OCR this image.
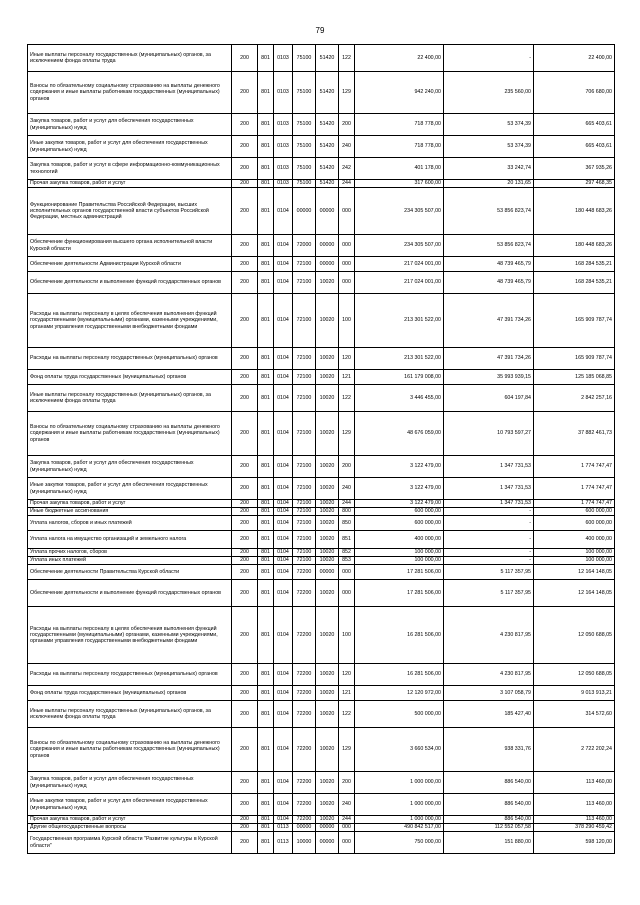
79
Иные выплаты персоналу государственных (муниципальных) органов, за исключением фонда оплаты труда	200	801	0103	75100	51420	122	22 400,00	-	22 400,00
Взносы по обязательному социальному страхованию на выплаты денежного содержания и иные выплаты работникам государственных (муниципальных) органов	200	801	0103	75100	51420	129	942 240,00	235 560,00	706 680,00
Закупка товаров, работ и услуг для обеспечения государственных (муниципальных) нужд	200	801	0103	75100	51420	200	718 778,00	53 374,39	665 403,61
Иные закупки товаров, работ и услуг для обеспечения государственных (муниципальных) нужд	200	801	0103	75100	51420	240	718 778,00	53 374,39	665 403,61
Закупка товаров, работ и услуг в сфере информационно-коммуникационных технологий	200	801	0103	75100	51420	242	401 178,00	33 242,74	367 935,26
Прочая закупка товаров, работ и услуг	200	801	0103	75100	51420	244	317 600,00	20 131,65	297 468,35
Функционирование Правительства Российской Федерации, высших исполнительных органов государственной власти субъектов Российской Федерации, местных администраций	200	801	0104	00000	00000	000	234 305 507,00	53 856 823,74	180 448 683,26
Обеспечение функционирования высшего органа исполнительной власти Курской области	200	801	0104	72000	00000	000	234 305 507,00	53 856 823,74	180 448 683,26
Обеспечение деятельности Администрации Курской области	200	801	0104	72100	00000	000	217 024 001,00	48 739 465,79	168 284 535,21
Обеспечение деятельности и выполнение функций государственных органов	200	801	0104	72100	10020	000	217 024 001,00	48 739 465,79	168 284 535,21
Расходы на выплаты персоналу в целях обеспечения выполнения функций государственными (муниципальными) органами, казенными учреждениями, органами управления государственными внебюджетными фондами	200	801	0104	72100	10020	100	213 301 522,00	47 391 734,26	165 909 787,74
Расходы на выплаты персоналу государственных (муниципальных) органов	200	801	0104	72100	10020	120	213 301 522,00	47 391 734,26	165 909 787,74
Фонд оплаты труда государственных (муниципальных) органов	200	801	0104	72100	10020	121	161 179 008,00	35 993 939,15	125 185 068,85
Иные выплаты персоналу государственных (муниципальных) органов, за исключением фонда оплаты труда	200	801	0104	72100	10020	122	3 446 455,00	604 197,84	2 842 257,16
Взносы по обязательному социальному страхованию на выплаты денежного содержания и иные выплаты работникам государственных (муниципальных) органов	200	801	0104	72100	10020	129	48 676 059,00	10 793 597,27	37 882 461,73
Закупка товаров, работ и услуг для обеспечения государственных (муниципальных) нужд	200	801	0104	72100	10020	200	3 122 479,00	1 347 731,53	1 774 747,47
Иные закупки товаров, работ и услуг для обеспечения государственных (муниципальных) нужд	200	801	0104	72100	10020	240	3 122 479,00	1 347 731,53	1 774 747,47
Прочая закупка товаров, работ и услуг	200	801	0104	72100	10020	244	3 122 479,00	1 347 731,53	1 774 747,47
Иные бюджетные ассигнования	200	801	0104	72100	10020	800	600 000,00	-	600 000,00
Уплата налогов, сборов и иных платежей	200	801	0104	72100	10020	850	600 000,00	-	600 000,00
Уплата налога на имущество организаций и земельного налога	200	801	0104	72100	10020	851	400 000,00	-	400 000,00
Уплата прочих налогов, сборов	200	801	0104	72100	10020	852	100 000,00	-	100 000,00
Уплата иных платежей	200	801	0104	72100	10020	853	100 000,00	-	100 000,00
Обеспечение деятельности Правительства Курской области	200	801	0104	72200	00000	000	17 281 506,00	5 117 357,95	12 164 148,05
Обеспечение деятельности и выполнение функций государственных органов	200	801	0104	72200	10020	000	17 281 506,00	5 117 357,95	12 164 148,05
Расходы на выплаты персоналу в целях обеспечения выполнения функций государственными (муниципальными) органами, казенными учреждениями, органами управления государственными внебюджетными фондами	200	801	0104	72200	10020	100	16 281 506,00	4 230 817,95	12 050 688,05
Расходы на выплаты персоналу государственных (муниципальных) органов	200	801	0104	72200	10020	120	16 281 506,00	4 230 817,95	12 050 688,05
Фонд оплаты труда государственных (муниципальных) органов	200	801	0104	72200	10020	121	12 120 972,00	3 107 058,79	9 013 913,21
Иные выплаты персоналу государственных (муниципальных) органов, за исключением фонда оплаты труда	200	801	0104	72200	10020	122	500 000,00	185 427,40	314 572,60
Взносы по обязательному социальному страхованию на выплаты денежного содержания и иные выплаты работникам государственных (муниципальных) органов	200	801	0104	72200	10020	129	3 660 534,00	938 331,76	2 722 202,24
Закупка товаров, работ и услуг для обеспечения государственных (муниципальных) нужд	200	801	0104	72200	10020	200	1 000 000,00	886 540,00	113 460,00
Иные закупки товаров, работ и услуг для обеспечения государственных (муниципальных) нужд	200	801	0104	72200	10020	240	1 000 000,00	886 540,00	113 460,00
Прочая закупка товаров, работ и услуг	200	801	0104	72200	10020	244	1 000 000,00	886 540,00	113 460,00
Другие общегосударственные вопросы	200	801	0113	00000	00000	000	490 842 517,00	112 552 057,58	378 290 459,42
Государственная программа Курской области "Развитие культуры в Курской области"	200	801	0113	10000	00000	000	750 000,00	151 880,00	598 120,00
